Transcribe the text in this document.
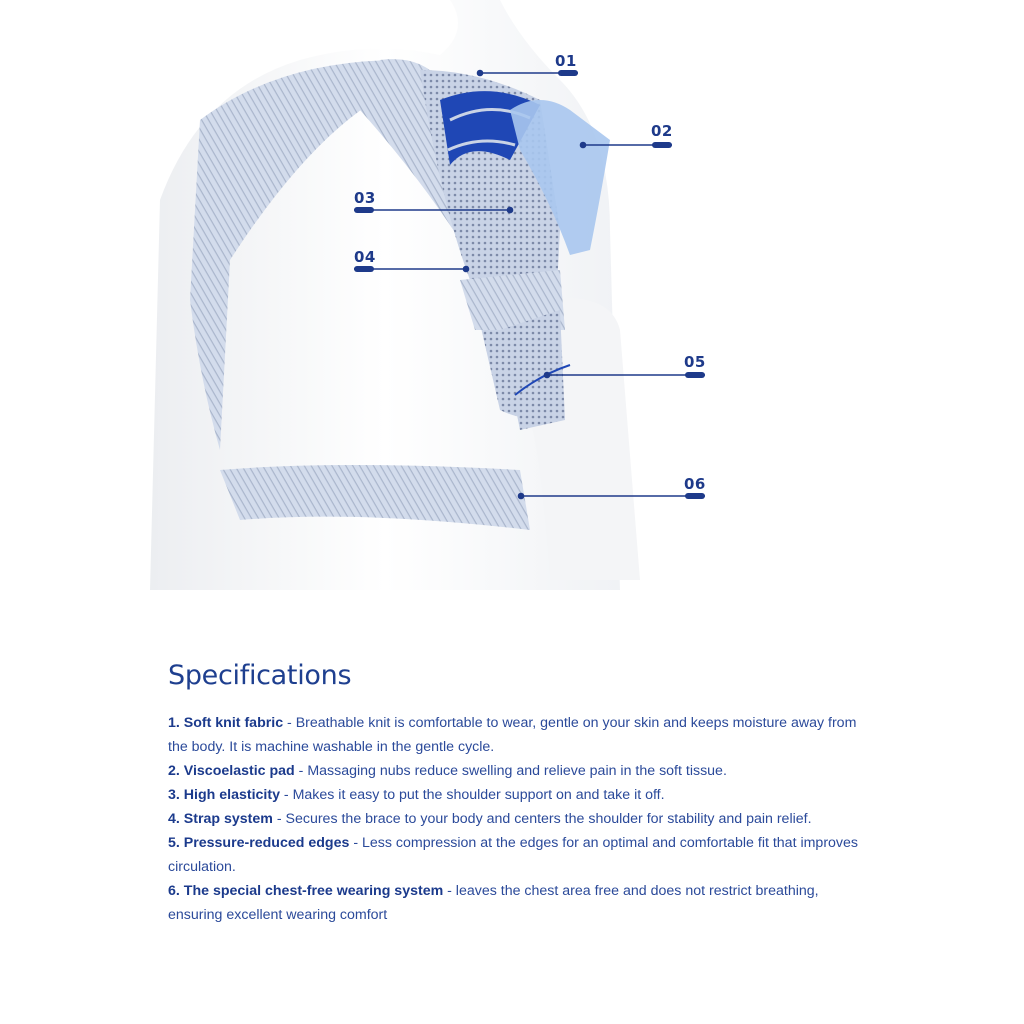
01
02
03
04
05
06
Specifications

1. Soft knit fabric - Breathable knit is comfortable to wear, gentle on your skin and keeps moisture away from the body. It is machine washable in the gentle cycle.

2. Viscoelastic pad - Massaging nubs reduce swelling and relieve pain in the soft tissue.

3. High elasticity - Makes it easy to put the shoulder support on and take it off.

4. Strap system - Secures the brace to your body and centers the shoulder for stability and pain relief.

5. Pressure-reduced edges - Less compression at the edges for an optimal and comfortable fit that improves circulation.

6. The special chest-free wearing system - leaves the chest area free and does not restrict breathing, ensuring excellent wearing comfort
